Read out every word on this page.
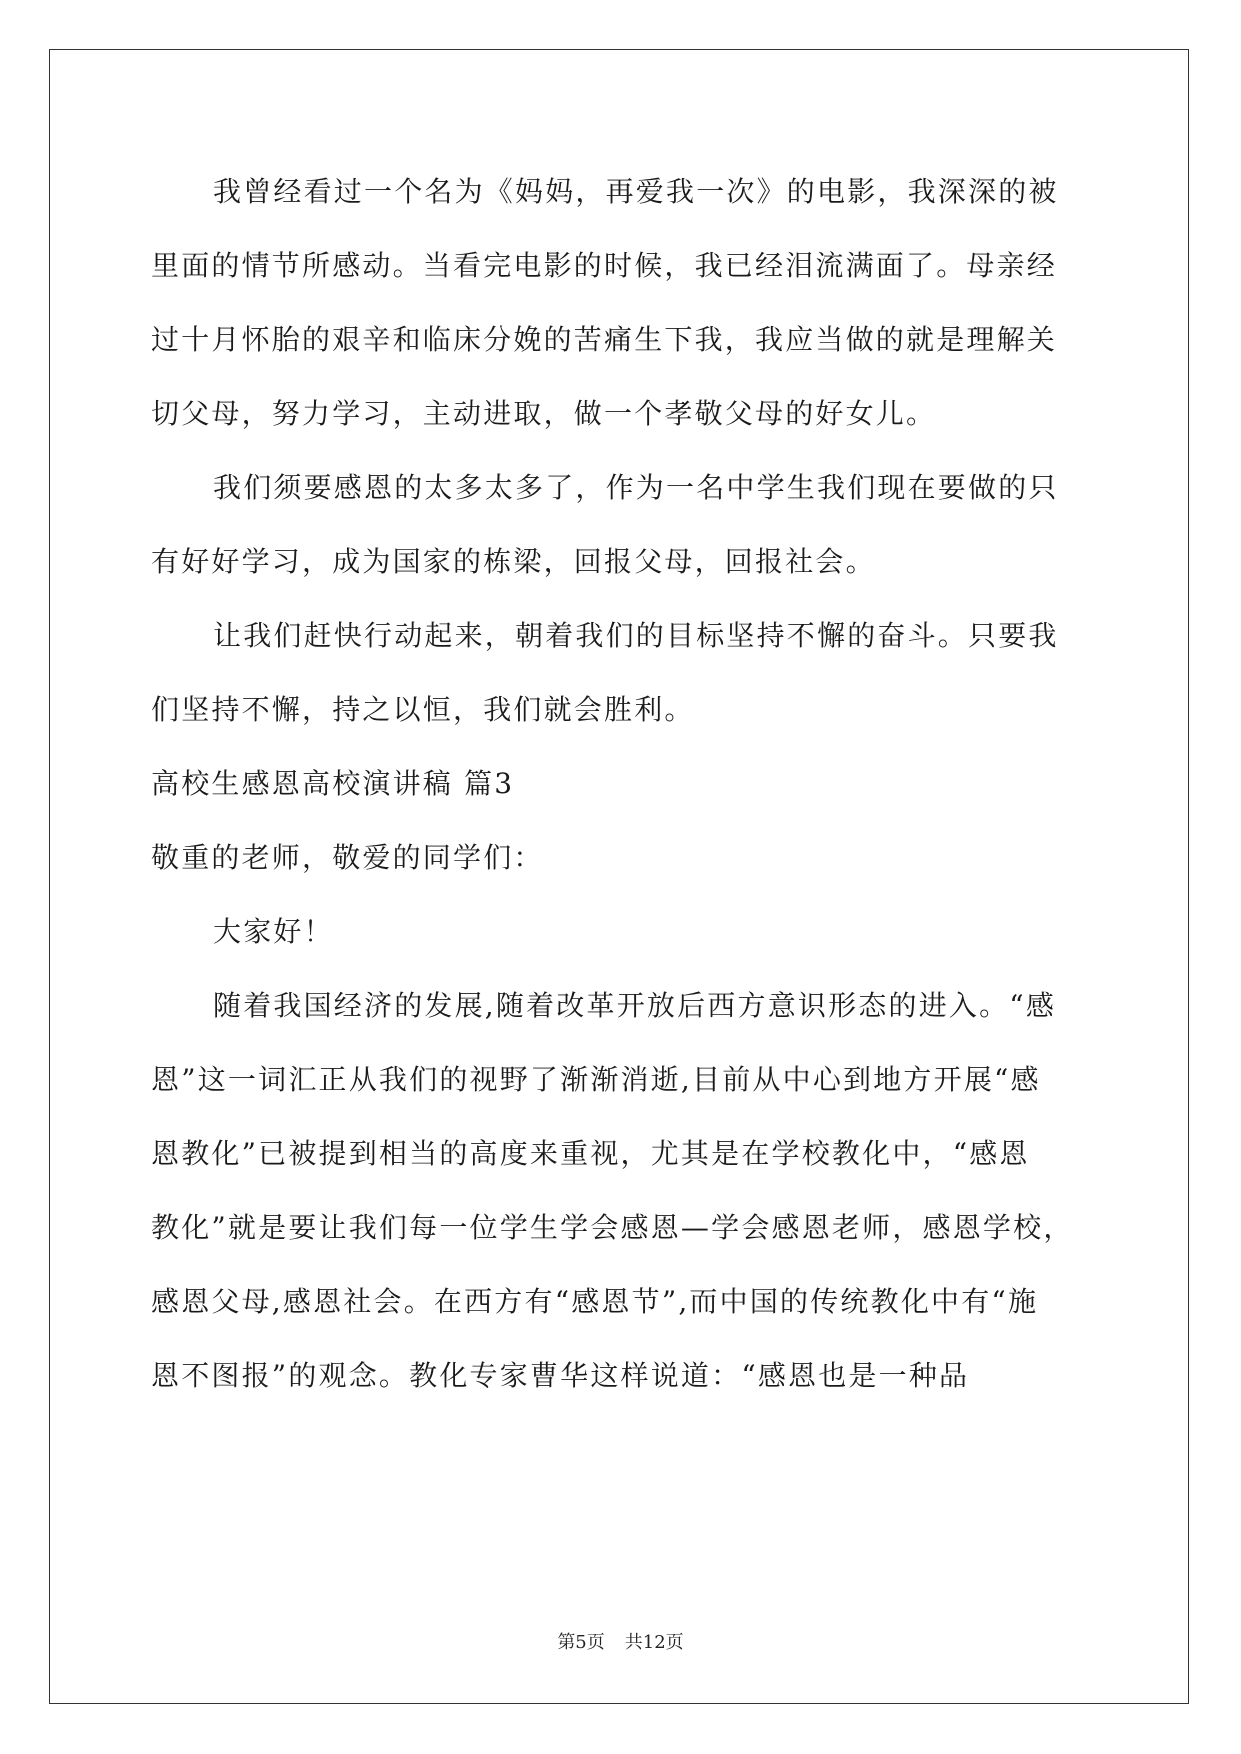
我曾经看过一个名为《妈妈，再爱我一次》的电影，我深深的被
里面的情节所感动。当看完电影的时候，我已经泪流满面了。母亲经
过十月怀胎的艰辛和临床分娩的苦痛生下我，我应当做的就是理解关
切父母，努力学习，主动进取，做一个孝敬父母的好女儿。
我们须要感恩的太多太多了，作为一名中学生我们现在要做的只
有好好学习，成为国家的栋梁，回报父母，回报社会。
让我们赶快行动起来，朝着我们的目标坚持不懈的奋斗。只要我
们坚持不懈，持之以恒，我们就会胜利。
高校生感恩高校演讲稿 篇3
敬重的老师，敬爱的同学们：
大家好！
随着我国经济的发展,随着改革开放后西方意识形态的进入。“感
恩”这一词汇正从我们的视野了渐渐消逝,目前从中心到地方开展“感
恩教化”已被提到相当的高度来重视，尤其是在学校教化中，“感恩
教化”就是要让我们每一位学生学会感恩—学会感恩老师，感恩学校，
感恩父母,感恩社会。在西方有“感恩节”,而中国的传统教化中有“施
恩不图报”的观念。教化专家曹华这样说道：“感恩也是一种品
第5页 共12页
